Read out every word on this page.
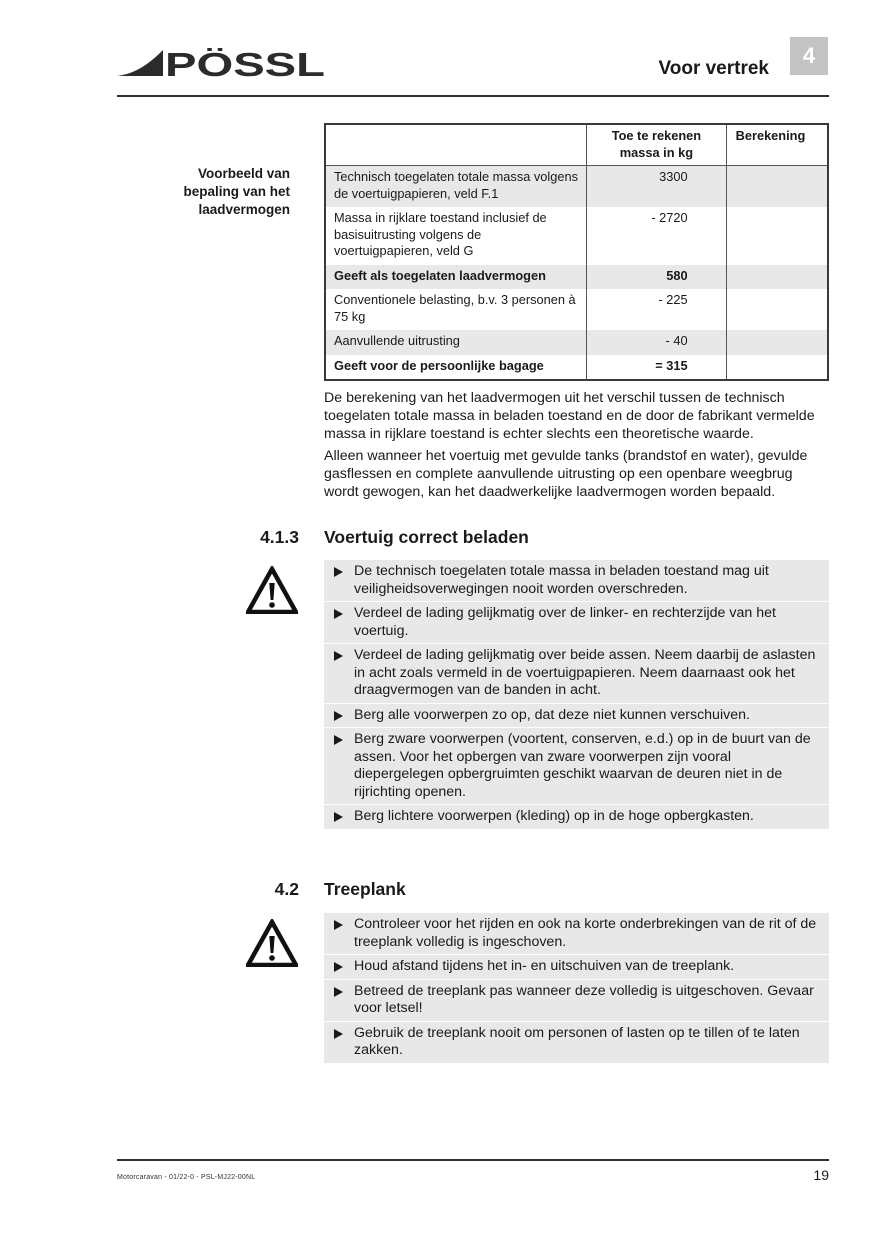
PÖSSL	Voor vertrek
4
Voorbeeld van bepaling van het laadvermogen
	Toe te rekenen massa in kg	Berekening
Technisch toegelaten totale massa volgens de voertuigpapieren, veld F.1	3300	
Massa in rijklare toestand inclusief de basisuitrusting volgens de voertuigpapieren, veld G	- 2720	
Geeft als toegelaten laadvermogen	580	
Conventionele belasting, b.v. 3 personen à 75 kg	- 225	
Aanvullende uitrusting	- 40	
Geeft voor de persoonlijke bagage	= 315	

De berekening van het laadvermogen uit het verschil tussen de technisch toegelaten totale massa in beladen toestand en de door de fabrikant vermelde massa in rijklare toestand is echter slechts een theoretische waarde.

Alleen wanneer het voertuig met gevulde tanks (brandstof en water), gevulde gasflessen en complete aanvullende uitrusting op een openbare weegbrug wordt gewogen, kan het daadwerkelijke laadvermogen worden bepaald.

4.1.3 Voertuig correct beladen
De technisch toegelaten totale massa in beladen toestand mag uit veiligheidsoverwegingen nooit worden overschreden.
Verdeel de lading gelijkmatig over de linker- en rechterzijde van het voertuig.
Verdeel de lading gelijkmatig over beide assen. Neem daarbij de aslasten in acht zoals vermeld in de voertuigpapieren. Neem daarnaast ook het draagvermogen van de banden in acht.
Berg alle voorwerpen zo op, dat deze niet kunnen verschuiven.
Berg zware voorwerpen (voortent, conserven, e.d.) op in de buurt van de assen. Voor het opbergen van zware voorwerpen zijn vooral diepergelegen opbergruimten geschikt waarvan de deuren niet in de rijrichting openen.
Berg lichtere voorwerpen (kleding) op in de hoge opbergkasten.
4.2 Treeplank
Controleer voor het rijden en ook na korte onderbrekingen van de rit of de treeplank volledig is ingeschoven.
Houd afstand tijdens het in- en uitschuiven van de treeplank.
Betreed de treeplank pas wanneer deze volledig is uitgeschoven. Gevaar voor letsel!
Gebruik de treeplank nooit om personen of lasten op te tillen of te laten zakken.
Motorcaravan - 01/22-0 - PSL-MJ22-00NL	19
